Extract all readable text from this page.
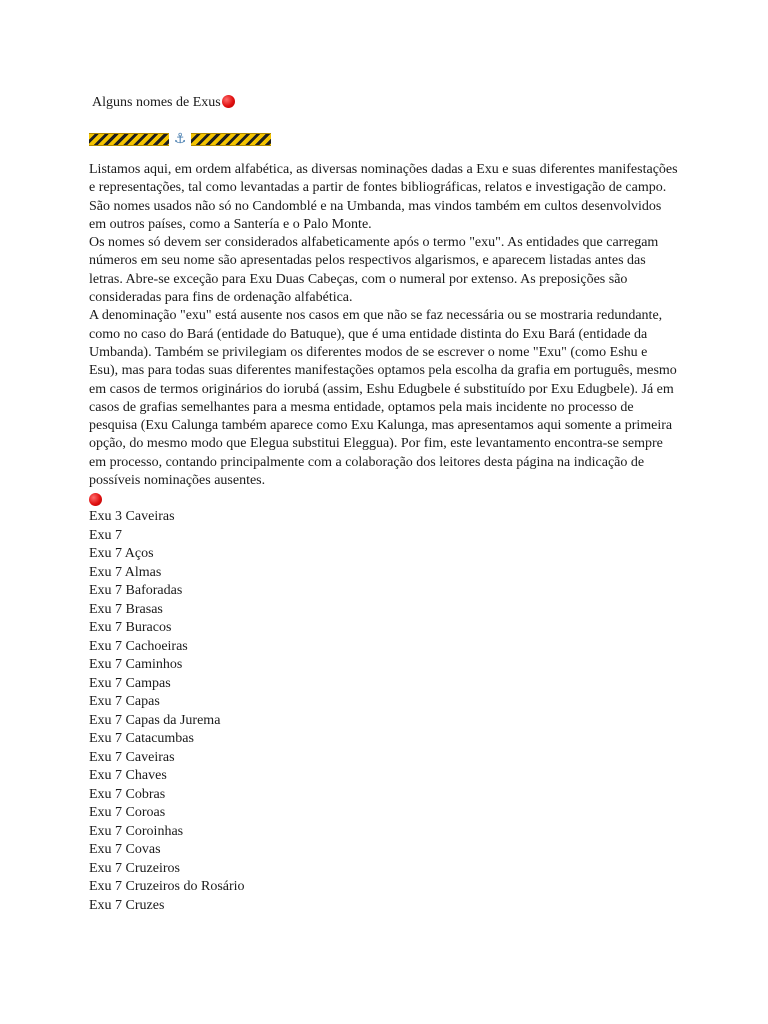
Alguns nomes de Exus
⚓

Listamos aqui, em ordem alfabética, as diversas nominações dadas a Exu e suas diferentes manifestações e representações, tal como levantadas a partir de fontes bibliográficas, relatos e investigação de campo. São nomes usados não só no Candomblé e na Umbanda, mas vindos também em cultos desenvolvidos em outros países, como a Santería e o Palo Monte.

Os nomes só devem ser considerados alfabeticamente após o termo "exu". As entidades que carregam números em seu nome são apresentadas pelos respectivos algarismos, e aparecem listadas antes das letras. Abre-se exceção para Exu Duas Cabeças, com o numeral por extenso. As preposições são consideradas para fins de ordenação alfabética.

A denominação "exu" está ausente nos casos em que não se faz necessária ou se mostraria redundante, como no caso do Bará (entidade do Batuque), que é uma entidade distinta do Exu Bará (entidade da Umbanda). Também se privilegiam os diferentes modos de se escrever o nome "Exu" (como Eshu e Esu), mas para todas suas diferentes manifestações optamos pela escolha da grafia em português, mesmo em casos de termos originários do iorubá (assim, Eshu Edugbele é substituído por Exu Edugbele). Já em casos de grafias semelhantes para a mesma entidade, optamos pela mais incidente no processo de pesquisa (Exu Calunga também aparece como Exu Kalunga, mas apresentamos aqui somente a primeira opção, do mesmo modo que Elegua substitui Eleggua). Por fim, este levantamento encontra-se sempre em processo, contando principalmente com a colaboração dos leitores desta página na indicação de possíveis nominações ausentes.

Exu 3 Caveiras
Exu 7
Exu 7 Aços
Exu 7 Almas
Exu 7 Baforadas
Exu 7 Brasas
Exu 7 Buracos
Exu 7 Cachoeiras
Exu 7 Caminhos
Exu 7 Campas
Exu 7 Capas
Exu 7 Capas da Jurema
Exu 7 Catacumbas
Exu 7 Caveiras
Exu 7 Chaves
Exu 7 Cobras
Exu 7 Coroas
Exu 7 Coroinhas
Exu 7 Covas
Exu 7 Cruzeiros
Exu 7 Cruzeiros do Rosário
Exu 7 Cruzes
